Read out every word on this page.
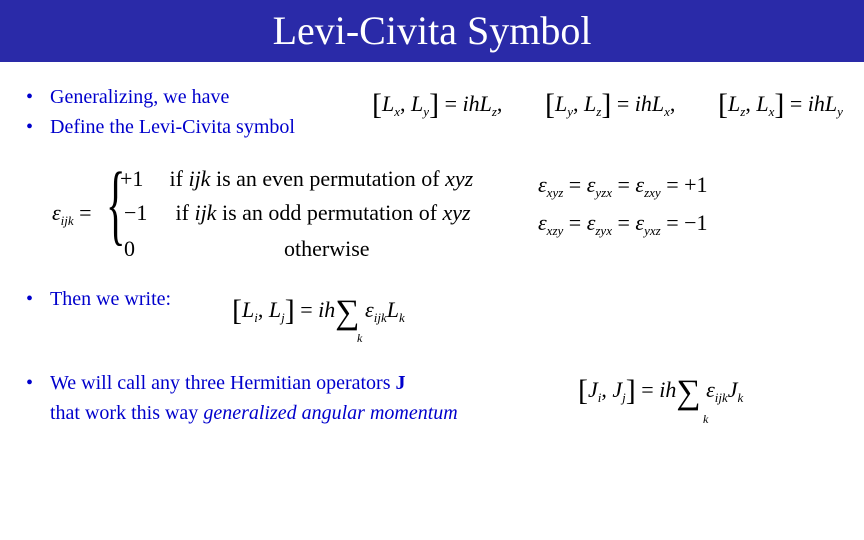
Levi-Civita Symbol
• Generalizing, we have
• Define the Levi-Civita symbol
[$L_x$, $L_y] = ihL_z$, [$L_y$, $L_z] = ihL_x$, [$L_z$, $L_x] = ihL_y$
$\varepsilon_{ijk}$ = {
+1 if ijk is an even permutation of xyz
−1 if ijk is an odd permutation of xyz
0	otherwise
$\varepsilon_{xyz} = \varepsilon_{yzx} = \varepsilon_{zxy} = +1$
$\varepsilon_{xzy} = \varepsilon_{zyx} = \varepsilon_{yxz} = -1$
• Then we write: [$L_i$, $L_j] = ih\sum$ $\varepsilon_{ijk}L_k$
k
• We will call any three Hermitian operators J
that work this way generalized angular momentum
[$J_i$, $J_j] = ih\sum$ $\varepsilon_{ijk}J_k$
k
